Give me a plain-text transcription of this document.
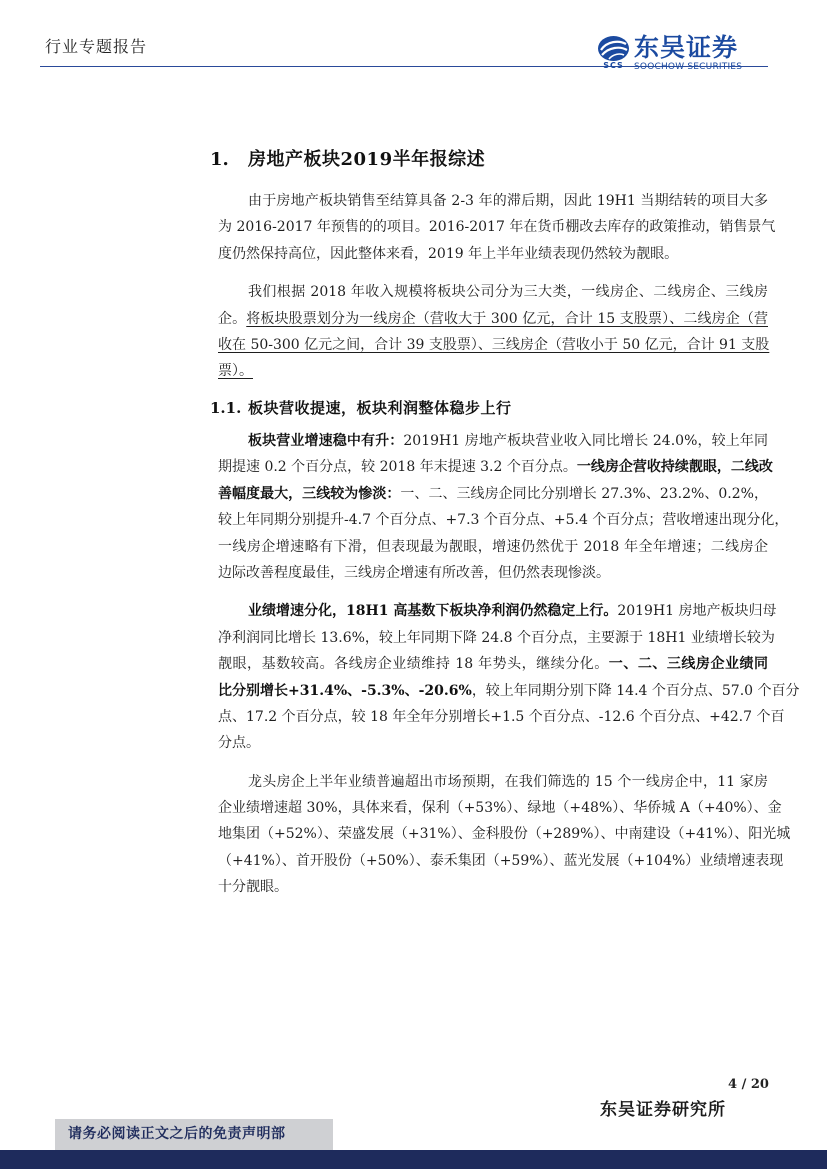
行业专题报告
SCS
东吴证券
SOOCHOW SECURITIES
1. 房地产板块2019半年报综述
由于房地产板块销售至结算具备 2-3 年的滞后期，因此 19H1 当期结转的项目大多
为 2016-2017 年预售的的项目。2016-2017 年在货币棚改去库存的政策推动，销售景气
度仍然保持高位，因此整体来看，2019 年上半年业绩表现仍然较为靓眼。
我们根据 2018 年收入规模将板块公司分为三大类，一线房企、二线房企、三线房
企。将板块股票划分为一线房企（营收大于 300 亿元，合计 15 支股票）、二线房企（营
收在 50-300 亿元之间，合计 39 支股票）、三线房企（营收小于 50 亿元，合计 91 支股
票）。
1.1. 板块营收提速，板块利润整体稳步上行
板块营业增速稳中有升：2019H1 房地产板块营业收入同比增长 24.0%，较上年同
期提速 0.2 个百分点，较 2018 年末提速 3.2 个百分点。一线房企营收持续靓眼，二线改
善幅度最大，三线较为惨淡：一、二、三线房企同比分别增长 27.3%、23.2%、0.2%，
较上年同期分别提升-4.7 个百分点、+7.3 个百分点、+5.4 个百分点；营收增速出现分化，
一线房企增速略有下滑，但表现最为靓眼，增速仍然优于 2018 年全年增速；二线房企
边际改善程度最佳，三线房企增速有所改善，但仍然表现惨淡。
业绩增速分化，18H1 高基数下板块净利润仍然稳定上行。2019H1 房地产板块归母
净利润同比增长 13.6%，较上年同期下降 24.8 个百分点，主要源于 18H1 业绩增长较为
靓眼，基数较高。各线房企业绩维持 18 年势头，继续分化。一、二、三线房企业绩同
比分别增长+31.4%、-5.3%、-20.6%，较上年同期分别下降 14.4 个百分点、57.0 个百分
点、17.2 个百分点，较 18 年全年分别增长+1.5 个百分点、-12.6 个百分点、+42.7 个百
分点。
龙头房企上半年业绩普遍超出市场预期，在我们筛选的 15 个一线房企中，11 家房
企业绩增速超 30%，具体来看，保利（+53%）、绿地（+48%）、华侨城 A（+40%）、金
地集团（+52%）、荣盛发展（+31%）、金科股份（+289%）、中南建设（+41%）、阳光城
（+41%）、首开股份（+50%）、泰禾集团（+59%）、蓝光发展（+104%）业绩增速表现
十分靓眼。
4 / 20
东吴证券研究所
请务必阅读正文之后的免责声明部
